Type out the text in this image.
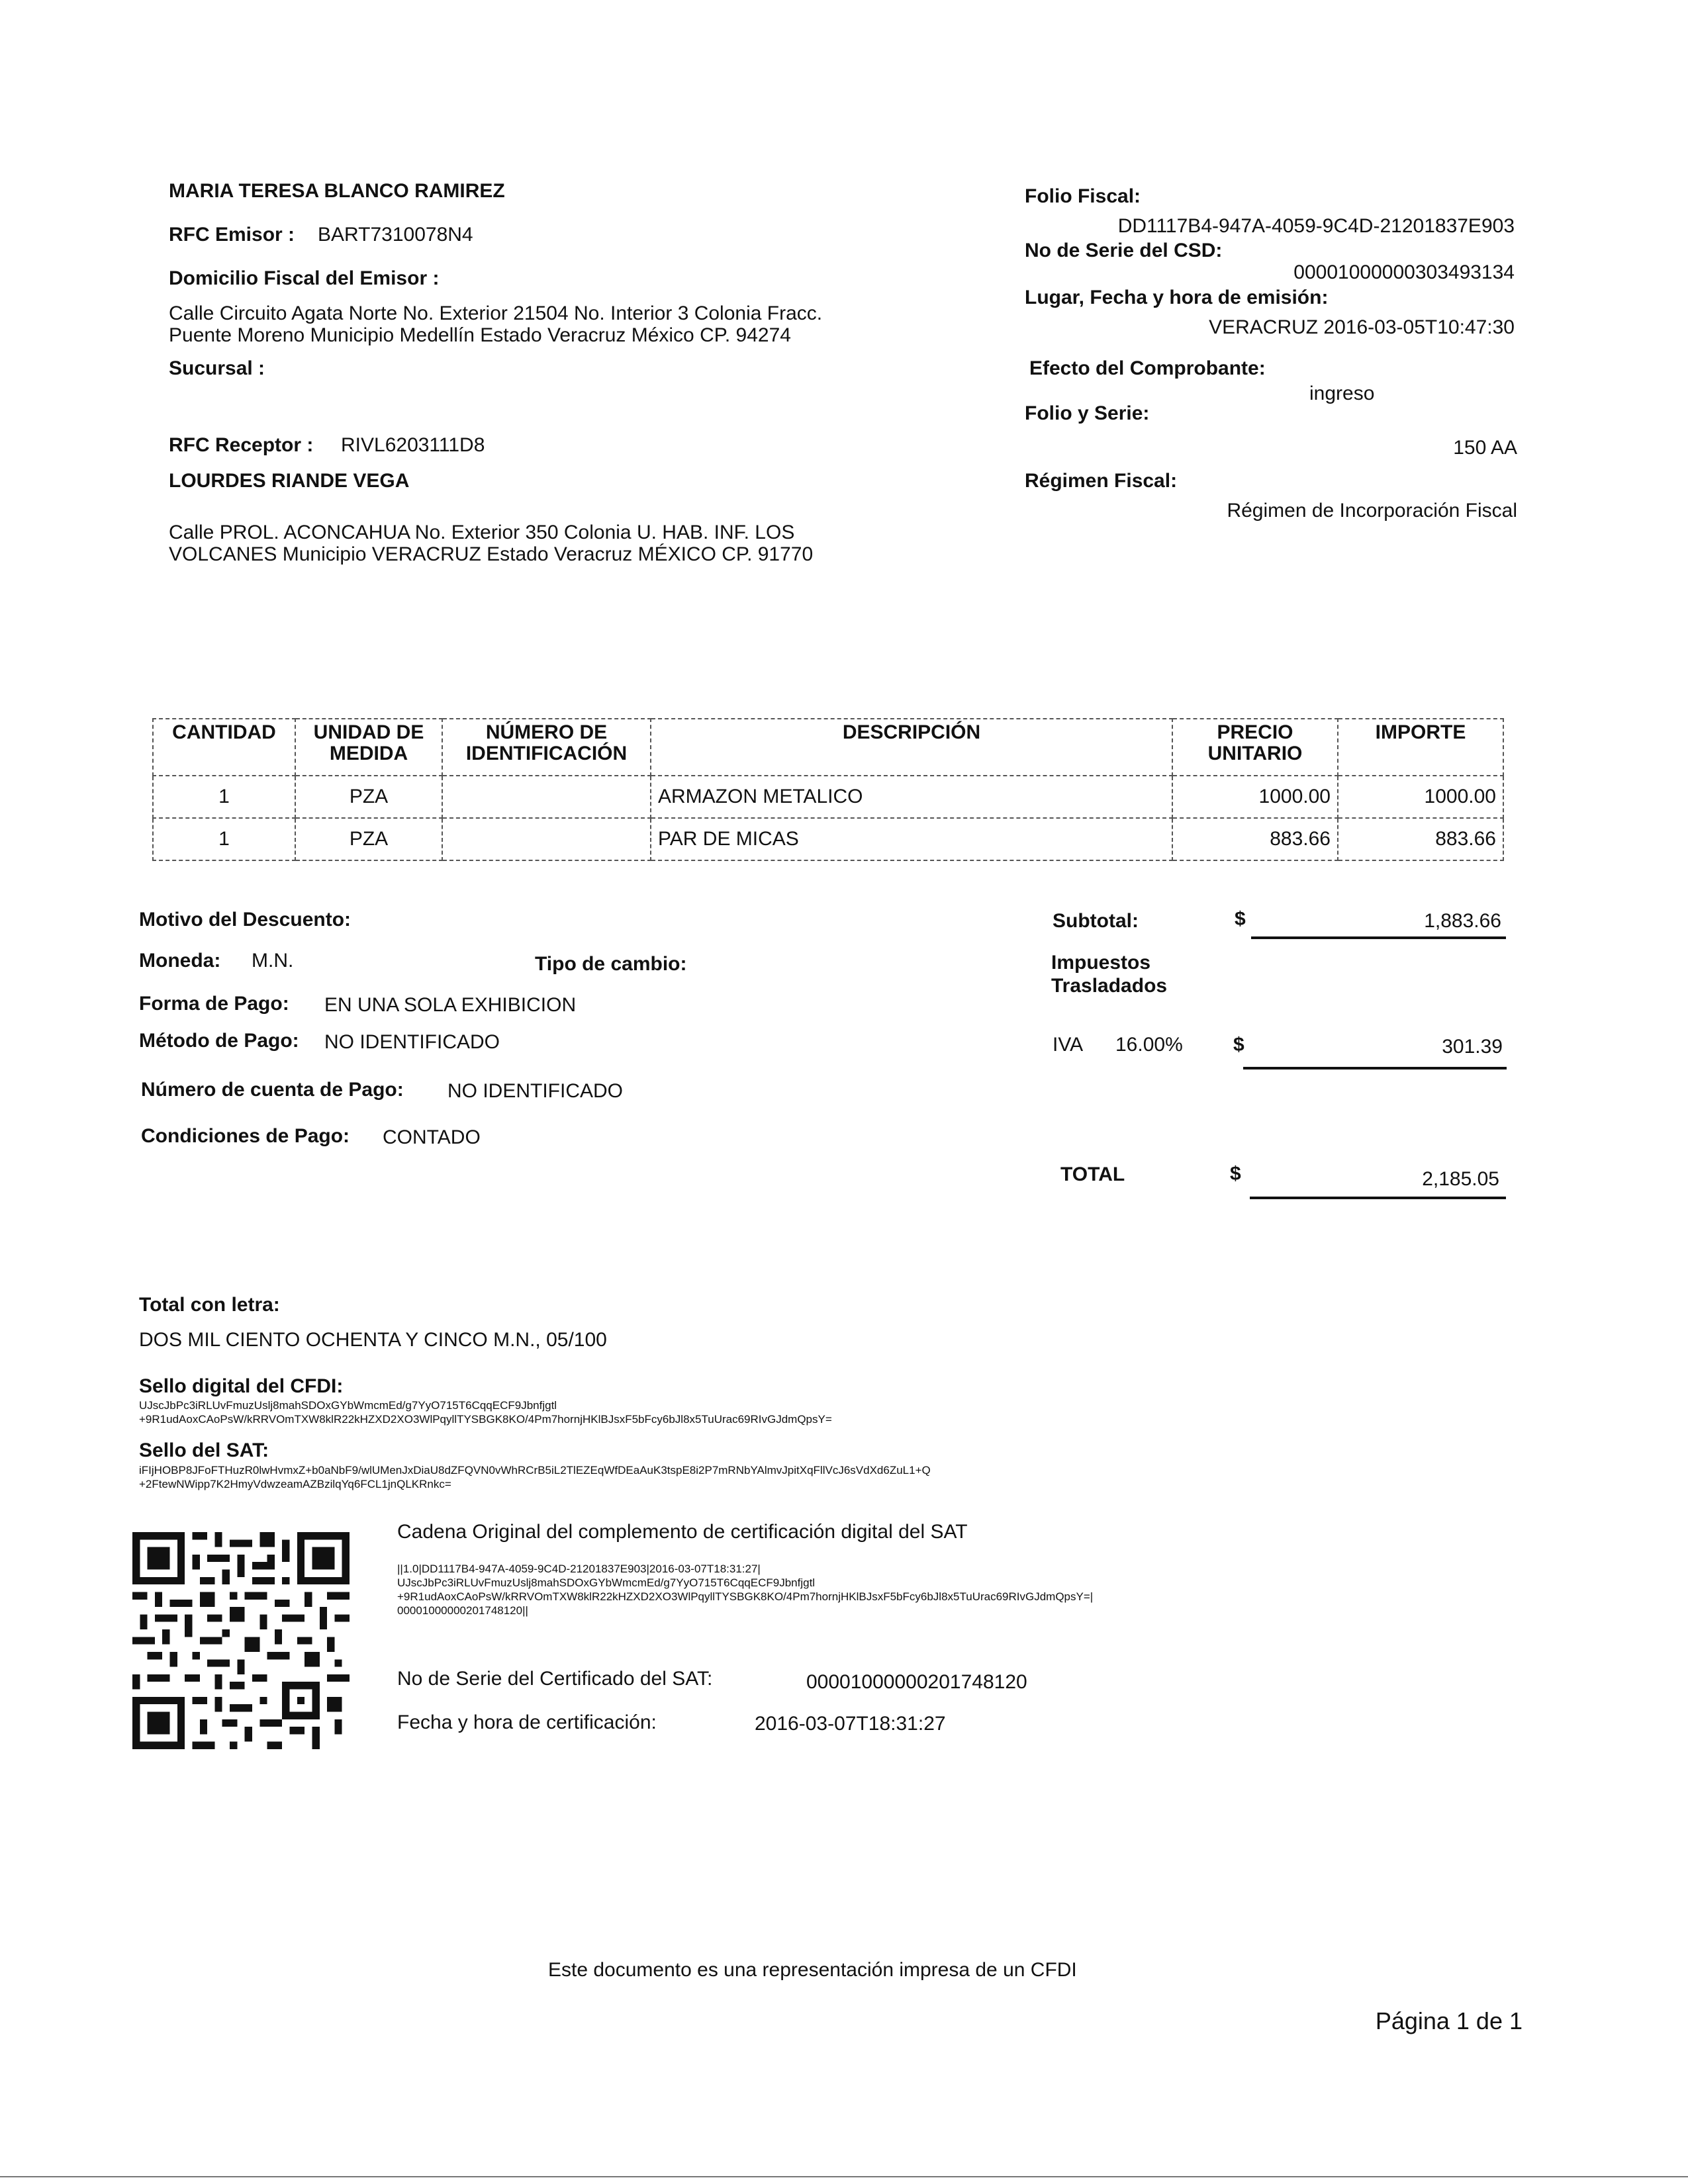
MARIA TERESA BLANCO RAMIREZ
RFC Emisor : BART7310078N4
Domicilio Fiscal del Emisor :
Calle Circuito Agata Norte No. Exterior 21504 No. Interior 3 Colonia Fracc.
Puente Moreno Municipio Medellín Estado Veracruz México CP. 94274
Sucursal :
RFC Receptor : RIVL6203111D8
LOURDES RIANDE VEGA
Calle PROL. ACONCAHUA No. Exterior 350 Colonia U. HAB. INF. LOS
VOLCANES Municipio VERACRUZ Estado Veracruz MÉXICO CP. 91770
Folio Fiscal:
DD1117B4-947A-4059-9C4D-21201837E903
No de Serie del CSD:
00001000000303493134
Lugar, Fecha y hora de emisión:
VERACRUZ 2016-03-05T10:47:30
Efecto del Comprobante:
ingreso
Folio y Serie:
150 AA
Régimen Fiscal:
Régimen de Incorporación Fiscal
CANTIDAD	UNIDAD DE MEDIDA	NÚMERO DE IDENTIFICACIÓN	DESCRIPCIÓN	PRECIO UNITARIO	IMPORTE
1	PZA		ARMAZON METALICO	1000.00	1000.00
1	PZA		PAR DE MICAS	883.66	883.66
Motivo del Descuento:
Moneda: M.N.	Tipo de cambio:
Forma de Pago: EN UNA SOLA EXHIBICION
Método de Pago: NO IDENTIFICADO
Número de cuenta de Pago: NO IDENTIFICADO
Condiciones de Pago: CONTADO
Subtotal:	$	1,883.66
Impuestos
Trasladados
IVA 16.00%	$	301.39
TOTAL	$	2,185.05
Total con letra:
DOS MIL CIENTO OCHENTA Y CINCO M.N., 05/100
Sello digital del CFDI:
UJscJbPc3iRLUvFmuzUslj8mahSDOxGYbWmcmEd/g7YyO715T6CqqECF9Jbnfjgtl
+9R1udAoxCAoPsW/kRRVOmTXW8klR22kHZXD2XO3WlPqyllTYSBGK8KO/4Pm7hornjHKlBJsxF5bFcy6bJl8x5TuUrac69RIvGJdmQpsY=
Sello del SAT:
iFIjHOBP8JFoFTHuzR0lwHvmxZ+b0aNbF9/wlUMenJxDiaU8dZFQVN0vWhRCrB5iL2TlEZEqWfDEaAuK3tspE8i2P7mRNbYAlmvJpitXqFllVcJ6sVdXd6ZuL1+Q
+2FtewNWipp7K2HmyVdwzeamAZBzilqYq6FCL1jnQLKRnkc=
Cadena Original del complemento de certificación digital del SAT
||1.0|DD1117B4-947A-4059-9C4D-21201837E903|2016-03-07T18:31:27|
UJscJbPc3iRLUvFmuzUslj8mahSDOxGYbWmcmEd/g7YyO715T6CqqECF9Jbnfjgtl
+9R1udAoxCAoPsW/kRRVOmTXW8klR22kHZXD2XO3WlPqyllTYSBGK8KO/4Pm7hornjHKlBJsxF5bFcy6bJl8x5TuUrac69RIvGJdmQpsY=|
00001000000201748120||
No de Serie del Certificado del SAT:	00001000000201748120
Fecha y hora de certificación:	2016-03-07T18:31:27
Este documento es una representación impresa de un CFDI
Página 1 de 1
